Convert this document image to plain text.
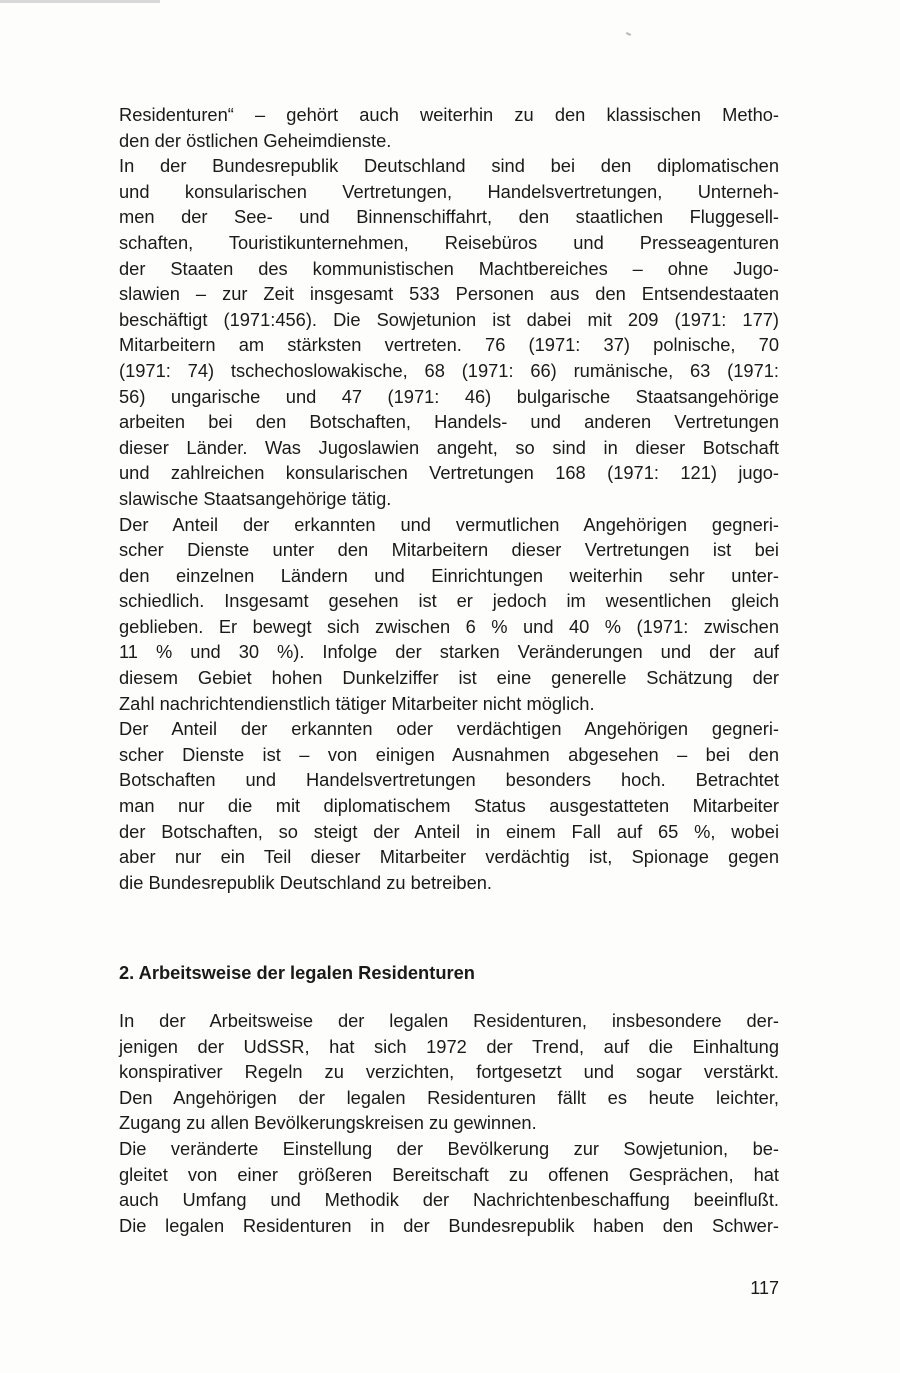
Residenturen“ – gehört auch weiterhin zu den klassischen Metho-
den der östlichen Geheimdienste.
In der Bundesrepublik Deutschland sind bei den diplomatischen
und konsularischen Vertretungen, Handelsvertretungen, Unterneh-
men der See- und Binnenschiffahrt, den staatlichen Fluggesell-
schaften, Touristikunternehmen, Reisebüros und Presseagenturen
der Staaten des kommunistischen Machtbereiches – ohne Jugo-
slawien – zur Zeit insgesamt 533 Personen aus den Entsendestaaten
beschäftigt (1971:456). Die Sowjetunion ist dabei mit 209 (1971: 177)
Mitarbeitern am stärksten vertreten. 76 (1971: 37) polnische, 70
(1971: 74) tschechoslowakische, 68 (1971: 66) rumänische, 63 (1971:
56) ungarische und 47 (1971: 46) bulgarische Staatsangehörige
arbeiten bei den Botschaften, Handels- und anderen Vertretungen
dieser Länder. Was Jugoslawien angeht, so sind in dieser Botschaft
und zahlreichen konsularischen Vertretungen 168 (1971: 121) jugo-
slawische Staatsangehörige tätig.
Der Anteil der erkannten und vermutlichen Angehörigen gegneri-
scher Dienste unter den Mitarbeitern dieser Vertretungen ist bei
den einzelnen Ländern und Einrichtungen weiterhin sehr unter-
schiedlich. Insgesamt gesehen ist er jedoch im wesentlichen gleich
geblieben. Er bewegt sich zwischen 6 % und 40 % (1971: zwischen
11 % und 30 %). Infolge der starken Veränderungen und der auf
diesem Gebiet hohen Dunkelziffer ist eine generelle Schätzung der
Zahl nachrichtendienstlich tätiger Mitarbeiter nicht möglich.
Der Anteil der erkannten oder verdächtigen Angehörigen gegneri-
scher Dienste ist – von einigen Ausnahmen abgesehen – bei den
Botschaften und Handelsvertretungen besonders hoch. Betrachtet
man nur die mit diplomatischem Status ausgestatteten Mitarbeiter
der Botschaften, so steigt der Anteil in einem Fall auf 65 %, wobei
aber nur ein Teil dieser Mitarbeiter verdächtig ist, Spionage gegen
die Bundesrepublik Deutschland zu betreiben.
2. Arbeitsweise der legalen Residenturen
In der Arbeitsweise der legalen Residenturen, insbesondere der-
jenigen der UdSSR, hat sich 1972 der Trend, auf die Einhaltung
konspirativer Regeln zu verzichten, fortgesetzt und sogar verstärkt.
Den Angehörigen der legalen Residenturen fällt es heute leichter,
Zugang zu allen Bevölkerungskreisen zu gewinnen.
Die veränderte Einstellung der Bevölkerung zur Sowjetunion, be-
gleitet von einer größeren Bereitschaft zu offenen Gesprächen, hat
auch Umfang und Methodik der Nachrichtenbeschaffung beeinflußt.
Die legalen Residenturen in der Bundesrepublik haben den Schwer-
117
